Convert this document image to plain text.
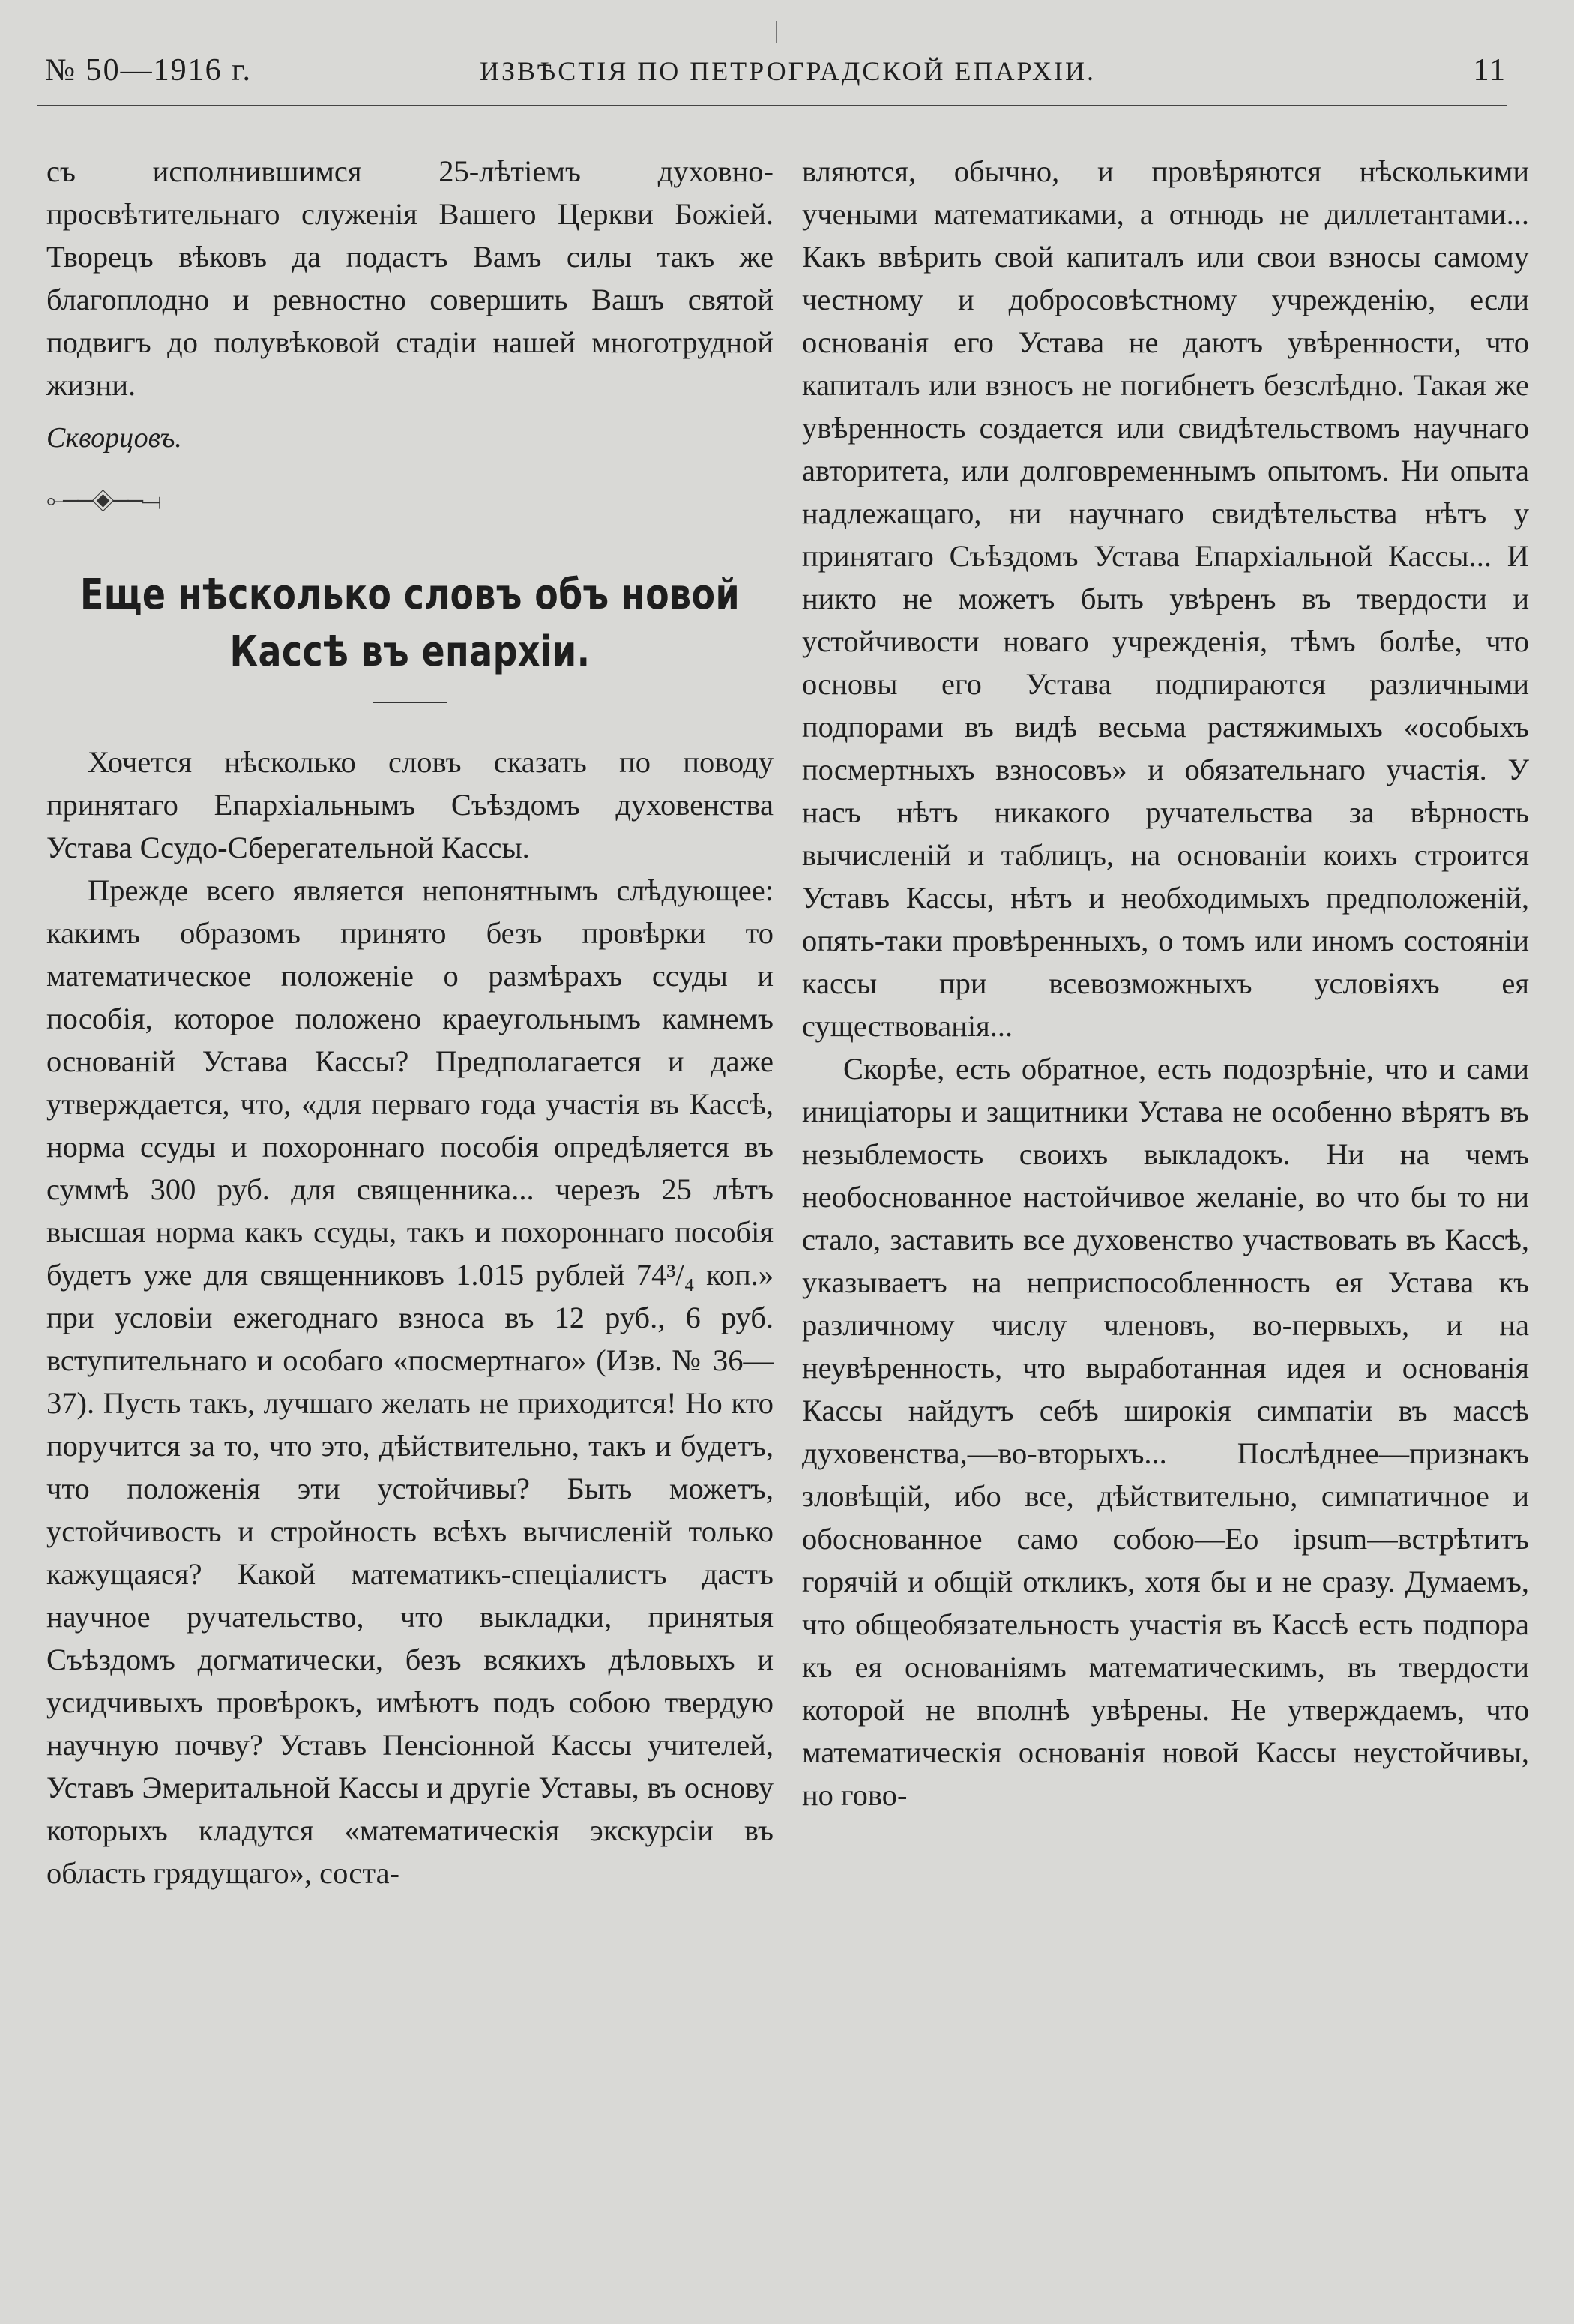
№ 50—1916 г.	ИЗВѢСТІЯ ПО ПЕТРОГРАДСКОЙ ЕПАРХІИ.	11

съ исполнившимся 25-лѣтіемъ духовно-просвѣтительнаго служенія Вашего Церкви Божіей. Творецъ вѣковъ да подастъ Вамъ силы такъ же благоплодно и ревностно совершить Вашъ святой подвигъ до полувѣковой стадіи нашей многотрудной жизни.

Скворцовъ.

⟜──◈──⟞

Еще нѣсколько словъ объ новой

Кассѣ въ епархіи.

Хочется нѣсколько словъ сказать по поводу принятаго Епархіальнымъ Съѣздомъ духовенства Устава Ссудо-Сберегательной Кассы.

Прежде всего является непонятнымъ слѣдующее: какимъ образомъ принято безъ провѣрки то математическое положеніе о размѣрахъ ссуды и пособія, которое положено краеугольнымъ камнемъ основаній Устава Кассы? Предполагается и даже утверждается, что, «для перваго года участія въ Кассѣ, норма ссуды и похороннаго пособія опредѣляется въ суммѣ 300 руб. для священника... черезъ 25 лѣтъ высшая норма какъ ссуды, такъ и похороннаго пособія будетъ уже для священниковъ 1.015 рублей 74³/₄ коп.» при условіи ежегоднаго взноса въ 12 руб., 6 руб. вступительнаго и особаго «посмертнаго» (Изв. № 36—37). Пусть такъ, лучшаго желать не приходится! Но кто поручится за то, что это, дѣйствительно, такъ и будетъ, что положенія эти устойчивы? Быть можетъ, устойчивость и стройность всѣхъ вычисленій только кажущаяся? Какой математикъ-спеціалистъ дастъ научное ручательство, что выкладки, принятыя Съѣздомъ догматически, безъ всякихъ дѣловыхъ и усидчивыхъ провѣрокъ, имѣютъ подъ собою твердую научную почву? Уставъ Пенсіонной Кассы учителей, Уставъ Эмеритальной Кассы и другіе Уставы, въ основу которыхъ кладутся «математическія экскурсіи въ область грядущаго», соста-

вляются, обычно, и провѣряются нѣсколькими учеными математиками, а отнюдь не диллетантами... Какъ ввѣрить свой капиталъ или свои взносы самому честному и добросовѣстному учрежденію, если основанія его Устава не даютъ увѣренности, что капиталъ или взносъ не погибнетъ безслѣдно. Такая же увѣренность создается или свидѣтельствомъ научнаго авторитета, или долговременнымъ опытомъ. Ни опыта надлежащаго, ни научнаго свидѣтельства нѣтъ у принятаго Съѣздомъ Устава Епархіальной Кассы... И никто не можетъ быть увѣренъ въ твердости и устойчивости новаго учрежденія, тѣмъ болѣе, что основы его Устава подпираются различными подпорами въ видѣ весьма растяжимыхъ «особыхъ посмертныхъ взносовъ» и обязательнаго участія. У насъ нѣтъ никакого ручательства за вѣрность вычисленій и таблицъ, на основаніи коихъ строится Уставъ Кассы, нѣтъ и необходимыхъ предположеній, опять-таки провѣренныхъ, о томъ или иномъ состояніи кассы при всевозможныхъ условіяхъ ея существованія...

Скорѣе, есть обратное, есть подозрѣніе, что и сами иниціаторы и защитники Устава не особенно вѣрятъ въ незыблемость своихъ выкладокъ. Ни на чемъ необоснованное настойчивое желаніе, во что бы то ни стало, заставить все духовенство участвовать въ Кассѣ, указываетъ на неприспособленность ея Устава къ различному числу членовъ, во-первыхъ, и на неувѣренность, что выработанная идея и основанія Кассы найдутъ себѣ широкія симпатіи въ массѣ духовенства,—во-вторыхъ... Послѣднее—признакъ зловѣщій, ибо все, дѣйствительно, симпатичное и обоснованное само собою—Eo ipsum—встрѣтитъ горячій и общій откликъ, хотя бы и не сразу. Думаемъ, что общеобязательность участія въ Кассѣ есть подпора къ ея основаніямъ математическимъ, въ твердости которой не вполнѣ увѣрены. Не утверждаемъ, что математическія основанія новой Кассы неустойчивы, но гово-
